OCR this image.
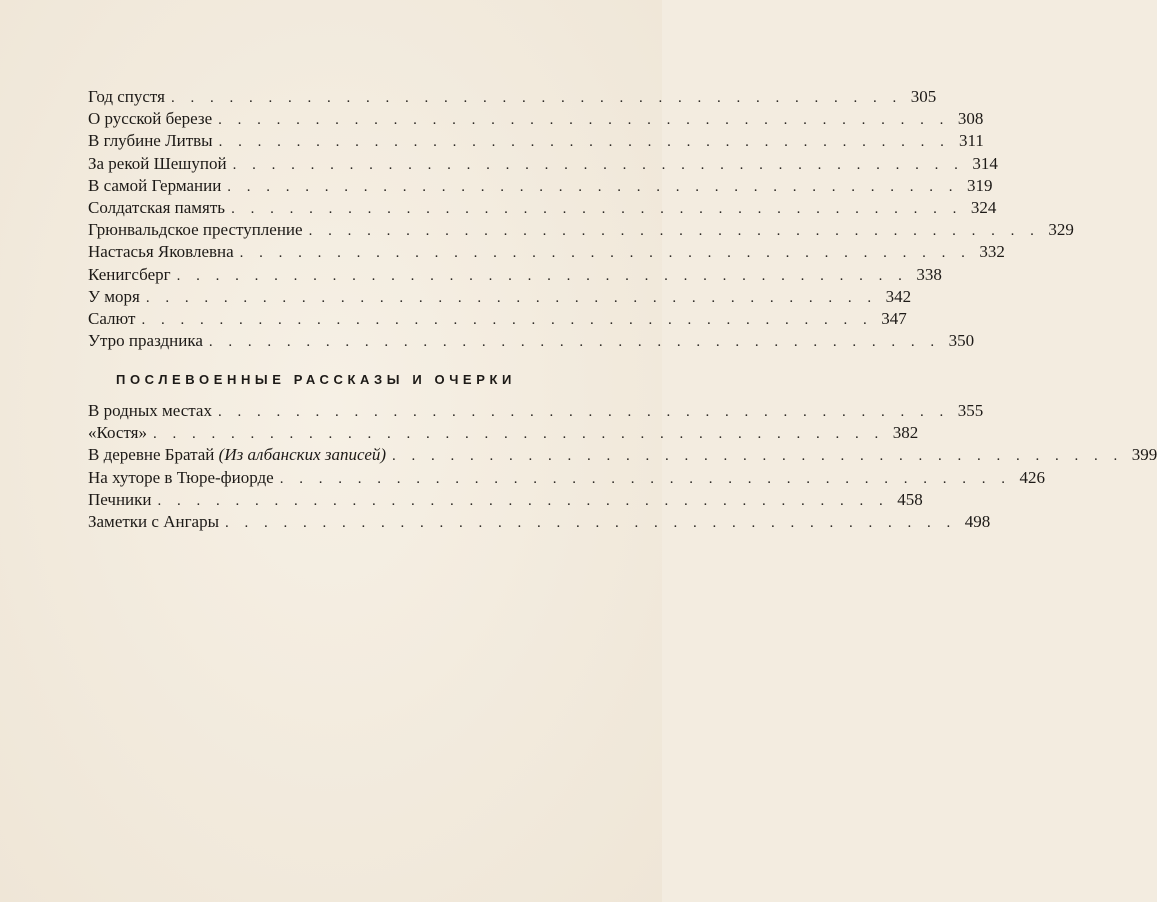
Год спустя . . . . . . . . . . . . . . . . . . . . . . . . . . . . . . . . . . . . . . 305
О русской березе . . . . . . . . . . . . . . . . . . . . . . . . . . . . . . . . . . . . . . 308
В глубине Литвы . . . . . . . . . . . . . . . . . . . . . . . . . . . . . . . . . . . . . . 311
За рекой Шешупой . . . . . . . . . . . . . . . . . . . . . . . . . . . . . . . . . . . . . . 314
В самой Германии . . . . . . . . . . . . . . . . . . . . . . . . . . . . . . . . . . . . . . 319
Солдатская память . . . . . . . . . . . . . . . . . . . . . . . . . . . . . . . . . . . . . . 324
Грюнвальдское преступление . . . . . . . . . . . . . . . . . . . . . . . . . . . . . . . . . . . . . . 329
Настасья Яковлевна . . . . . . . . . . . . . . . . . . . . . . . . . . . . . . . . . . . . . . 332
Кенигсберг . . . . . . . . . . . . . . . . . . . . . . . . . . . . . . . . . . . . . . 338
У моря . . . . . . . . . . . . . . . . . . . . . . . . . . . . . . . . . . . . . . 342
Салют . . . . . . . . . . . . . . . . . . . . . . . . . . . . . . . . . . . . . . 347
Утро праздника . . . . . . . . . . . . . . . . . . . . . . . . . . . . . . . . . . . . . . 350
ПОСЛЕВОЕННЫЕ РАССКАЗЫ И ОЧЕРКИ
В родных местах . . . . . . . . . . . . . . . . . . . . . . . . . . . . . . . . . . . . . . 355
«Костя» . . . . . . . . . . . . . . . . . . . . . . . . . . . . . . . . . . . . . . 382
В деревне Братай (Из албанских записей) . . . . . . . . . . . . . . . . . . . . . . . . . . . . . . . . . . . . . . 399
На хуторе в Тюре-фиорде . . . . . . . . . . . . . . . . . . . . . . . . . . . . . . . . . . . . . . 426
Печники . . . . . . . . . . . . . . . . . . . . . . . . . . . . . . . . . . . . . . 458
Заметки с Ангары . . . . . . . . . . . . . . . . . . . . . . . . . . . . . . . . . . . . . . 498
